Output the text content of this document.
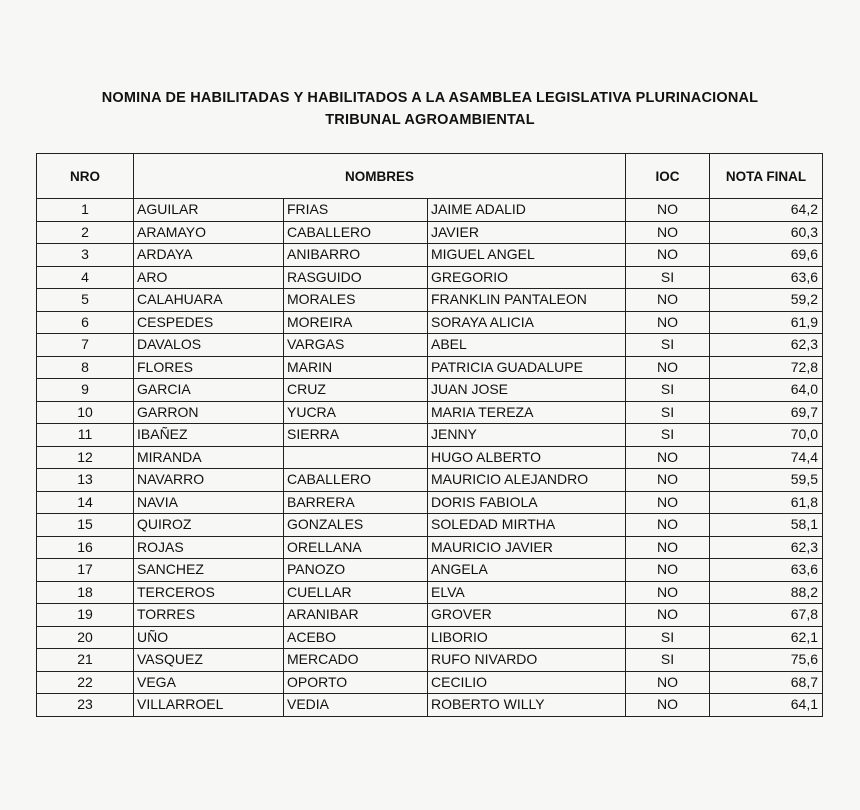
NOMINA DE HABILITADAS Y HABILITADOS A LA ASAMBLEA LEGISLATIVA PLURINACIONAL
TRIBUNAL AGROAMBIENTAL
NRO	NOMBRES			IOC	NOTA FINAL
1	AGUILAR	FRIAS	JAIME ADALID	NO	64,2
2	ARAMAYO	CABALLERO	JAVIER	NO	60,3
3	ARDAYA	ANIBARRO	MIGUEL ANGEL	NO	69,6
4	ARO	RASGUIDO	GREGORIO	SI	63,6
5	CALAHUARA	MORALES	FRANKLIN PANTALEON	NO	59,2
6	CESPEDES	MOREIRA	SORAYA ALICIA	NO	61,9
7	DAVALOS	VARGAS	ABEL	SI	62,3
8	FLORES	MARIN	PATRICIA GUADALUPE	NO	72,8
9	GARCIA	CRUZ	JUAN JOSE	SI	64,0
10	GARRON	YUCRA	MARIA TEREZA	SI	69,7
11	IBAÑEZ	SIERRA	JENNY	SI	70,0
12	MIRANDA		HUGO ALBERTO	NO	74,4
13	NAVARRO	CABALLERO	MAURICIO ALEJANDRO	NO	59,5
14	NAVIA	BARRERA	DORIS FABIOLA	NO	61,8
15	QUIROZ	GONZALES	SOLEDAD MIRTHA	NO	58,1
16	ROJAS	ORELLANA	MAURICIO JAVIER	NO	62,3
17	SANCHEZ	PANOZO	ANGELA	NO	63,6
18	TERCEROS	CUELLAR	ELVA	NO	88,2
19	TORRES	ARANIBAR	GROVER	NO	67,8
20	UÑO	ACEBO	LIBORIO	SI	62,1
21	VASQUEZ	MERCADO	RUFO NIVARDO	SI	75,6
22	VEGA	OPORTO	CECILIO	NO	68,7
23	VILLARROEL	VEDIA	ROBERTO WILLY	NO	64,1
